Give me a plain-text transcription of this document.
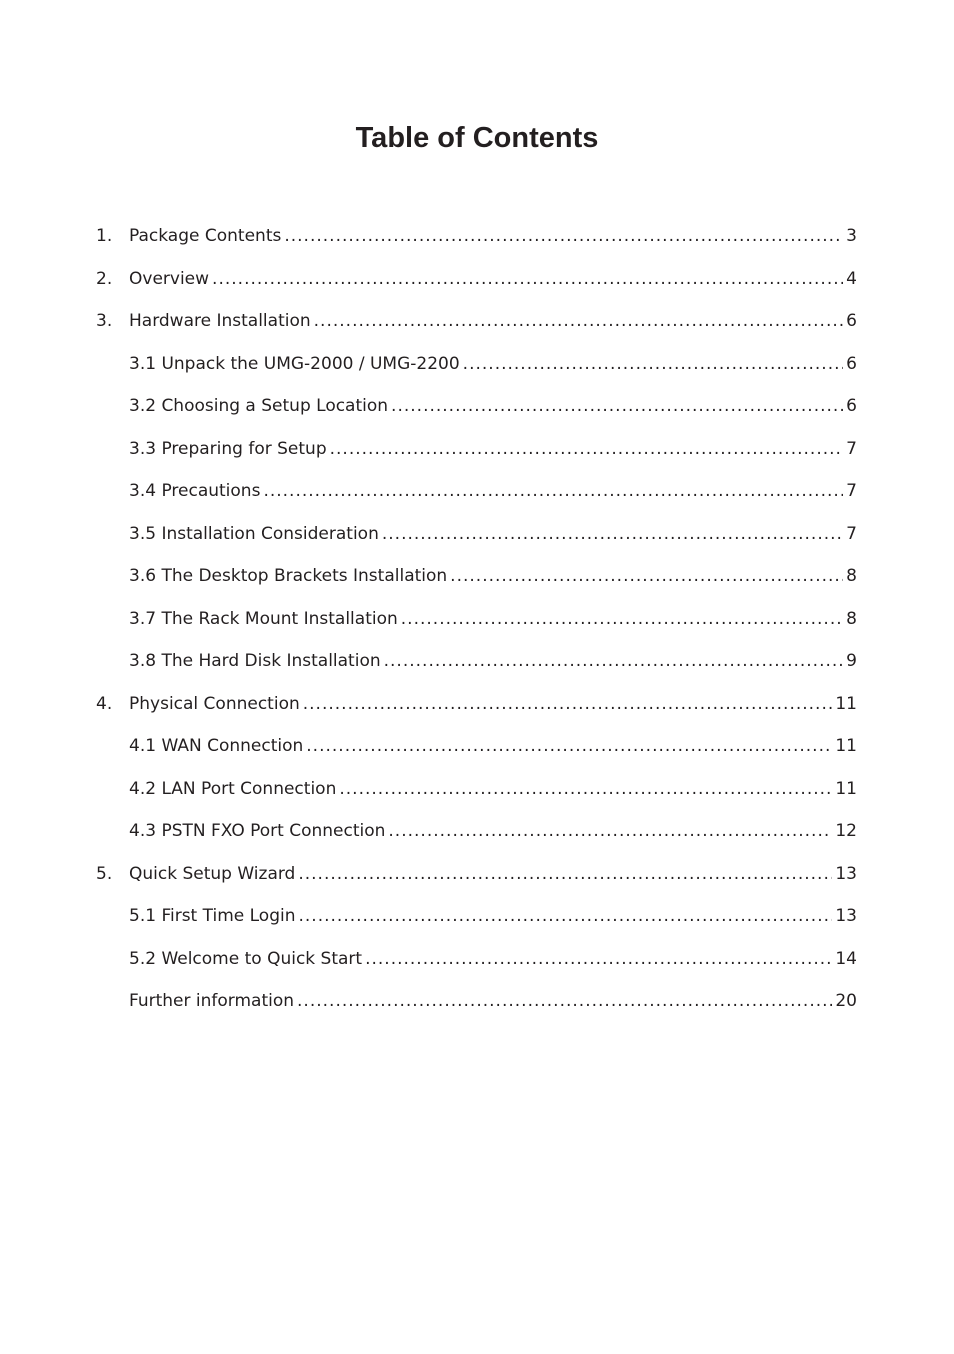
Table of Contents
1. Package Contents .....	3
2. Overview .....	4
3. Hardware Installation .....	6
3.1 Unpack the UMG-2000 / UMG-2200 .....	6
3.2 Choosing a Setup Location .....	6
3.3 Preparing for Setup .....	7
3.4 Precautions .....	7
3.5 Installation Consideration .....	7
3.6 The Desktop Brackets Installation .....	8
3.7 The Rack Mount Installation .....	8
3.8 The Hard Disk Installation .....	9
4. Physical Connection .....	11
4.1 WAN Connection .....	11
4.2 LAN Port Connection .....	11
4.3 PSTN FXO Port Connection .....	12
5. Quick Setup Wizard .....	13
5.1 First Time Login .....	13
5.2 Welcome to Quick Start .....	14
Further information .....	20
